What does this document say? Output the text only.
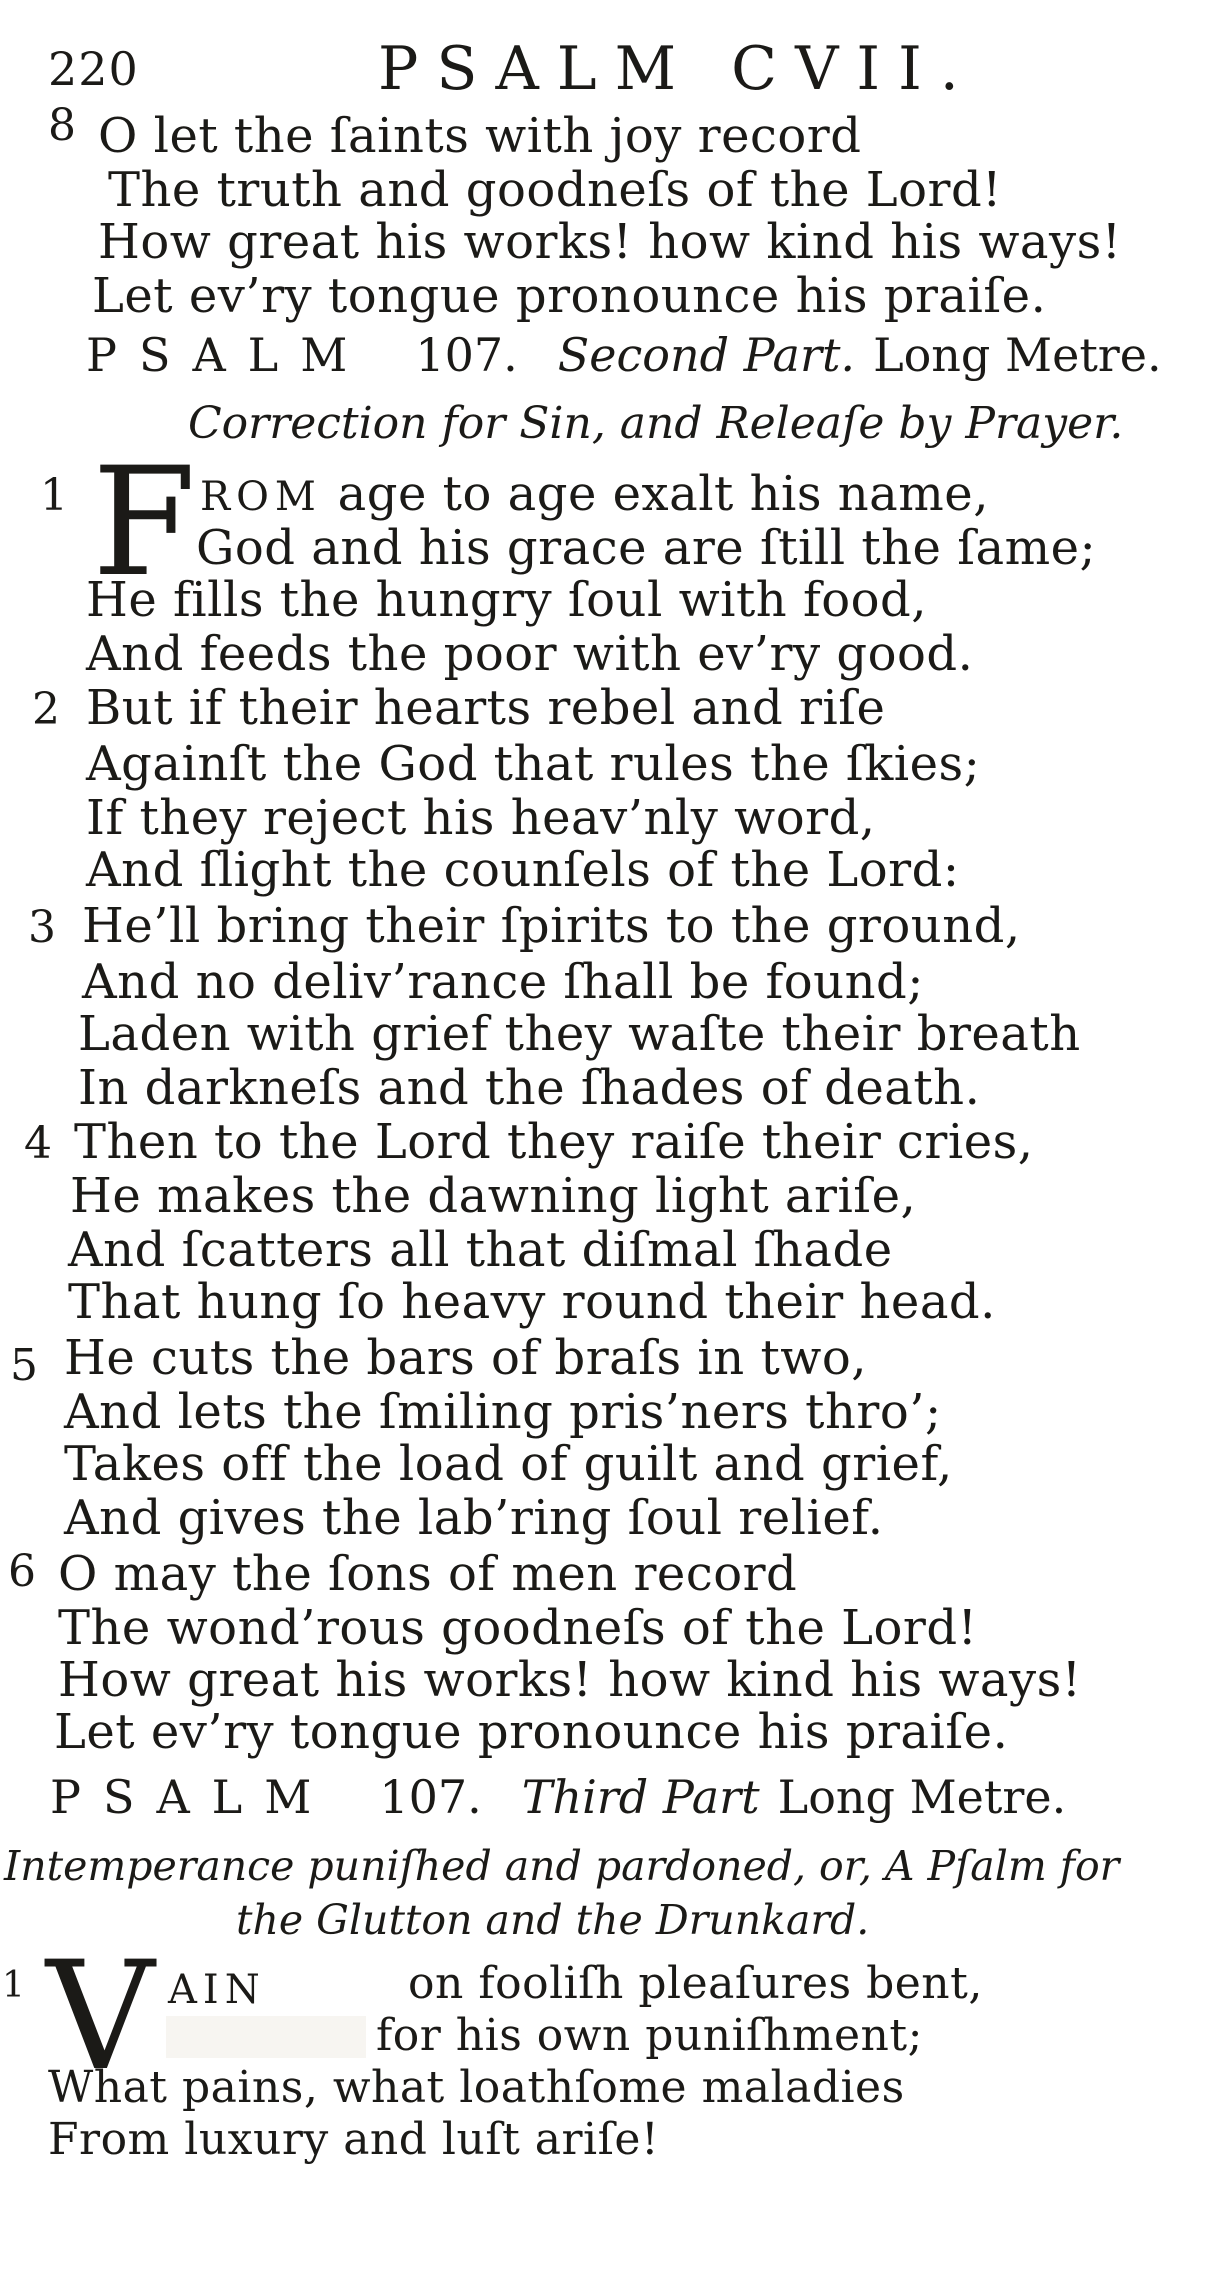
220	PSALM CVII.
8 O let the ſaints with joy record
The truth and goodneſs of the Lord!
How great his works! how kind his ways!
Let ev’ry tongue pronounce his praiſe.
PSALM 107. Second Part. Long Metre.
Correction for Sin, and Releaſe by Prayer.
1 F ROM age to age exalt his name,
God and his grace are ſtill the ſame;
He fills the hungry ſoul with food,
And feeds the poor with ev’ry good.
2 But if their hearts rebel and riſe
Againſt the God that rules the ſkies;
If they reject his heav’nly word,
And ſlight the counſels of the Lord:
3 He’ll bring their ſpirits to the ground,
And no deliv’rance ſhall be found;
Laden with grief they waſte their breath
In darkneſs and the ſhades of death.
4 Then to the Lord they raiſe their cries,
He makes the dawning light ariſe,
And ſcatters all that diſmal ſhade
That hung ſo heavy round their head.
5 He cuts the bars of braſs in two,
And lets the ſmiling pris’ners thro’;
Takes off the load of guilt and grief,
And gives the lab’ring ſoul relief.
6 O may the ſons of men record
The wond’rous goodneſs of the Lord!
How great his works! how kind his ways!
Let ev’ry tongue pronounce his praiſe.
PSALM 107. Third Part Long Metre.
Intemperance puniſhed and pardoned, or, A Pſalm for
the Glutton and the Drunkard.
1 V AIN	on fooliſh pleaſures bent,
for his own puniſhment;
What pains, what loathſome maladies
From luxury and luſt ariſe!
